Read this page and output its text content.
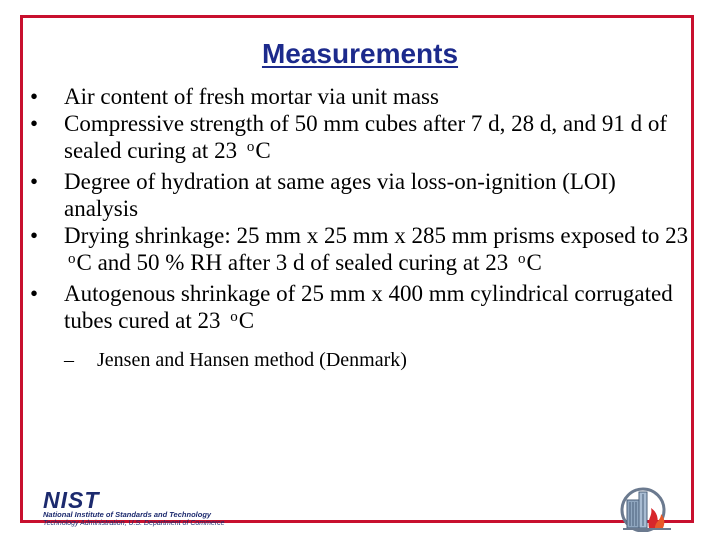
Measurements
• Air content of fresh mortar via unit mass
• Compressive strength of 50 mm cubes after 7 d, 28 d, and 91 d of sealed curing at 23 $^o$C
• Degree of hydration at same ages via loss-on-ignition (LOI) analysis
• Drying shrinkage: 25 mm x 25 mm x 285 mm prisms exposed to 23 $^o$C and 50 % RH after 3 d of sealed curing at 23 $^o$C
• Autogenous shrinkage of 25 mm x 400 mm cylindrical corrugated tubes cured at 23 $^o$C
– Jensen and Hansen method (Denmark)
NIST
National Institute of Standards and Technology
Technology Administration, U.S. Department of Commerce
